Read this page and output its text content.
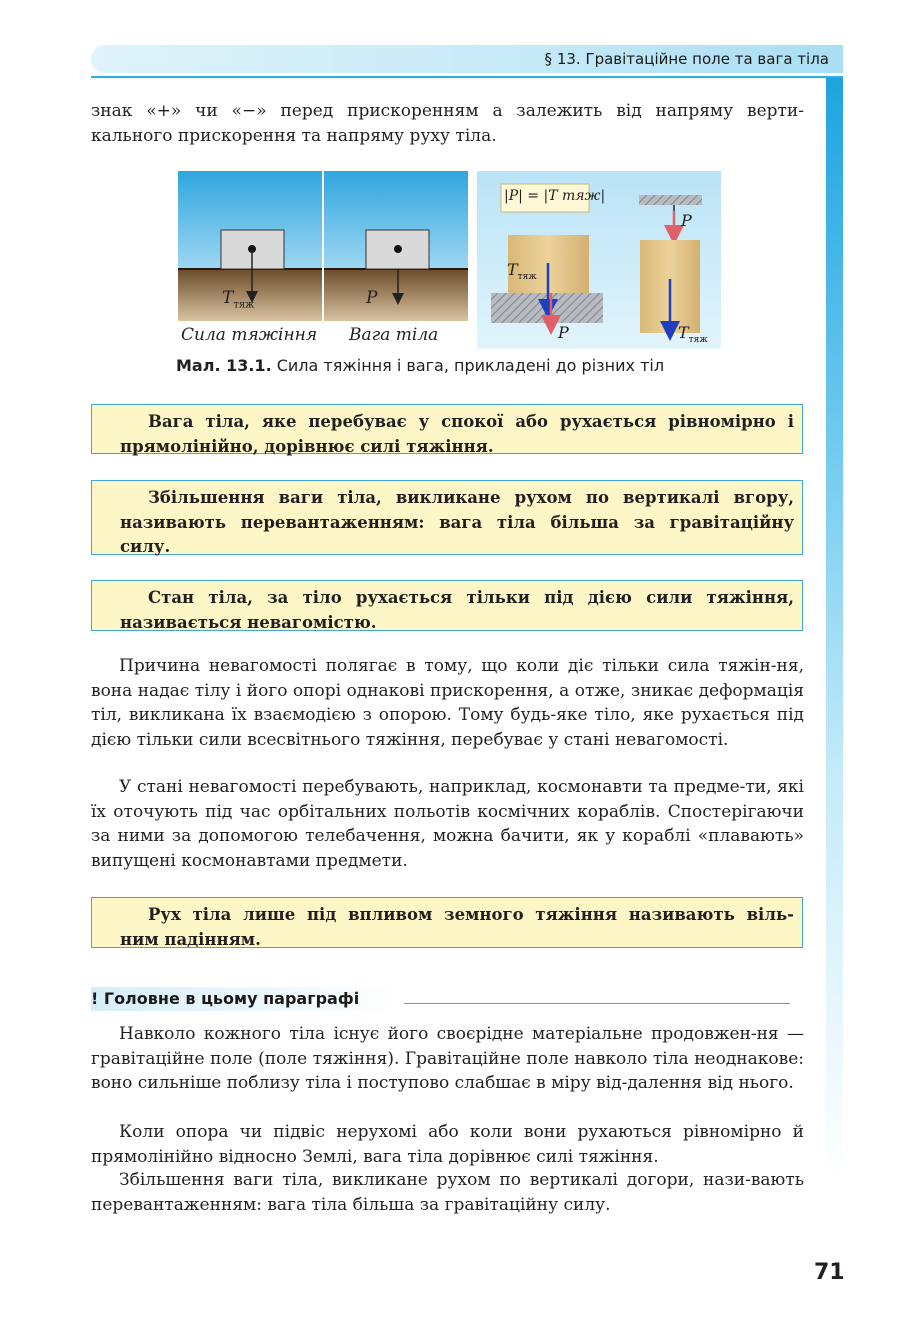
§ 13. Гравітаційне поле та вага тіла
знак «+» чи «−» перед прискоренням a залежить від напряму верти-
кального прискорення та напряму руху тіла.
$T_{тяж}$	P
|P| = |T тяж|
$T_{тяж}$
P
P
$T_{тяж}$
Сила тяжіння Вага тіла
Мал. 13.1. Сила тяжіння і вага, прикладені до різних тіл
Вага тіла, яке перебуває у спокої або рухається рівномірно і
прямолінійно, дорівнює силі тяжіння.
Збільшення ваги тіла, викликане рухом по вертикалі вгору,
називають перевантаженням: вага тіла більша за гравітаційну
силу.
Стан тіла, за тіло рухається тільки під дією сили тяжіння,
називається невагомістю.
Причина невагомості полягає в тому, що коли діє тільки сила тяжін-ня, вона надає тілу і його опорі однакові прискорення, а отже, зникає деформація тіл, викликана їх взаємодією з опорою. Тому будь-яке тіло, яке рухається під дією тільки сили всесвітнього тяжіння, перебуває у стані невагомості.
У стані невагомості перебувають, наприклад, космонавти та предме-ти, які їх оточують під час орбітальних польотів космічних кораблів. Спостерігаючи за ними за допомогою телебачення, можна бачити, як у кораблі «плавають» випущені космонавтами предмети.
Рух тіла лише під впливом земного тяжіння називають віль-
ним падінням.
! Головне в цьому параграфі
Навколо кожного тіла існує його своєрідне матеріальне продовжен-ня — гравітаційне поле (поле тяжіння). Гравітаційне поле навколо тіла неоднакове: воно сильніше поблизу тіла і поступово слабшає в міру від-далення від нього.
Коли опора чи підвіс нерухомі або коли вони рухаються рівномірно й прямолінійно відносно Землі, вага тіла дорівнює силі тяжіння.
Збільшення ваги тіла, викликане рухом по вертикалі догори, нази-вають перевантаженням: вага тіла більша за гравітаційну силу.
71
